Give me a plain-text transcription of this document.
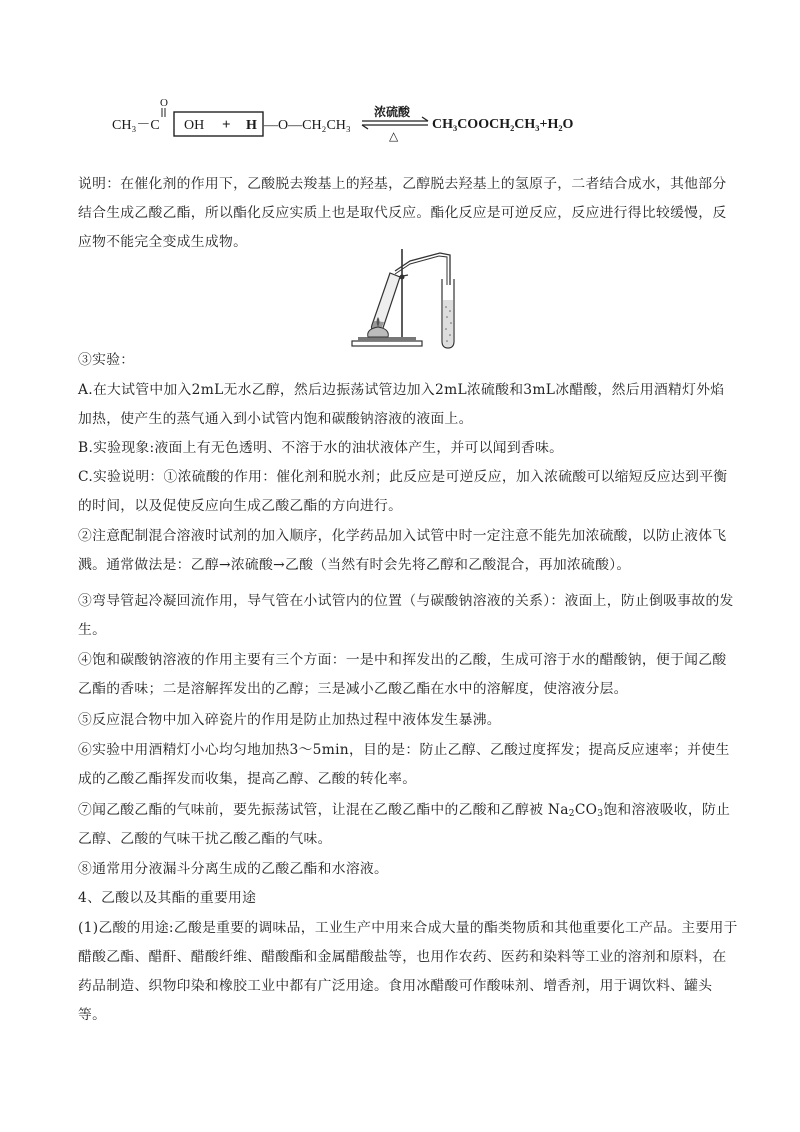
CH₃－C
O
OH + H —O—CH₂CH₃
浓硫酸
△
CH₃COOCH₂CH₃+H₂O

说明：在催化剂的作用下，乙酸脱去羧基上的羟基，乙醇脱去羟基上的氢原子，二者结合成水，其他部分结合生成乙酸乙酯，所以酯化反应实质上也是取代反应。酯化反应是可逆反应，反应进行得比较缓慢，反应物不能完全变成生成物。

③实验：

A.在大试管中加入2mL无水乙醇，然后边振荡试管边加入2mL浓硫酸和3mL冰醋酸，然后用酒精灯外焰加热，使产生的蒸气通入到小试管内饱和碳酸钠溶液的液面上。

B.实验现象:液面上有无色透明、不溶于水的油状液体产生，并可以闻到香味。

C.实验说明：①浓硫酸的作用：催化剂和脱水剂；此反应是可逆反应，加入浓硫酸可以缩短反应达到平衡的时间，以及促使反应向生成乙酸乙酯的方向进行。

②注意配制混合溶液时试剂的加入顺序，化学药品加入试管中时一定注意不能先加浓硫酸，以防止液体飞溅。通常做法是：乙醇→浓硫酸→乙酸（当然有时会先将乙醇和乙酸混合，再加浓硫酸）。

③弯导管起冷凝回流作用，导气管在小试管内的位置（与碳酸钠溶液的关系）：液面上，防止倒吸事故的发生。

④饱和碳酸钠溶液的作用主要有三个方面：一是中和挥发出的乙酸，生成可溶于水的醋酸钠，便于闻乙酸乙酯的香味；二是溶解挥发出的乙醇；三是减小乙酸乙酯在水中的溶解度，使溶液分层。

⑤反应混合物中加入碎瓷片的作用是防止加热过程中液体发生暴沸。

⑥实验中用酒精灯小心均匀地加热3～5min，目的是：防止乙醇、乙酸过度挥发；提高反应速率；并使生成的乙酸乙酯挥发而收集，提高乙醇、乙酸的转化率。

⑦闻乙酸乙酯的气味前，要先振荡试管，让混在乙酸乙酯中的乙酸和乙醇被 $Na_2CO_3$饱和溶液吸收，防止乙醇、乙酸的气味干扰乙酸乙酯的气味。

⑧通常用分液漏斗分离生成的乙酸乙酯和水溶液。

4、乙酸以及其酯的重要用途

(1)乙酸的用途:乙酸是重要的调味品，工业生产中用来合成大量的酯类物质和其他重要化工产品。主要用于醋酸乙酯、醋酐、醋酸纤维、醋酸酯和金属醋酸盐等，也用作农药、医药和染料等工业的溶剂和原料，在药品制造、织物印染和橡胶工业中都有广泛用途。食用冰醋酸可作酸味剂、增香剂，用于调饮料、罐头等。
